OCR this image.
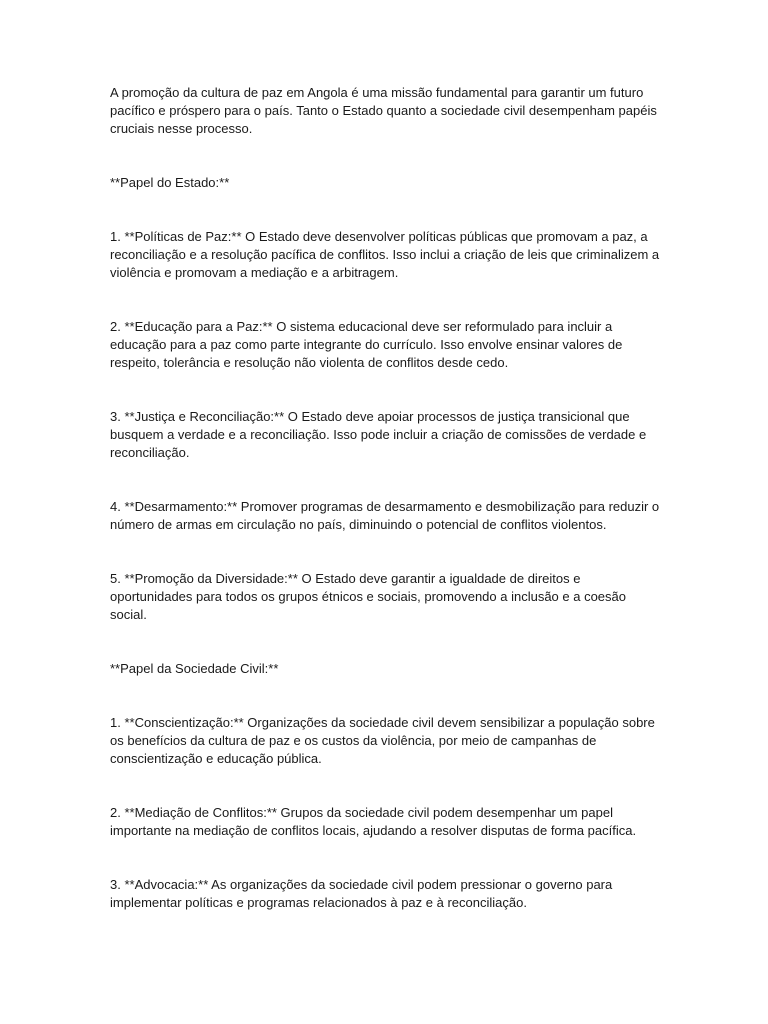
A promoção da cultura de paz em Angola é uma missão fundamental para garantir um futuro pacífico e próspero para o país. Tanto o Estado quanto a sociedade civil desempenham papéis cruciais nesse processo.

**Papel do Estado:**

1. **Políticas de Paz:** O Estado deve desenvolver políticas públicas que promovam a paz, a reconciliação e a resolução pacífica de conflitos. Isso inclui a criação de leis que criminalizem a violência e promovam a mediação e a arbitragem.

2. **Educação para a Paz:** O sistema educacional deve ser reformulado para incluir a educação para a paz como parte integrante do currículo. Isso envolve ensinar valores de respeito, tolerância e resolução não violenta de conflitos desde cedo.

3. **Justiça e Reconciliação:** O Estado deve apoiar processos de justiça transicional que busquem a verdade e a reconciliação. Isso pode incluir a criação de comissões de verdade e reconciliação.

4. **Desarmamento:** Promover programas de desarmamento e desmobilização para reduzir o número de armas em circulação no país, diminuindo o potencial de conflitos violentos.

5. **Promoção da Diversidade:** O Estado deve garantir a igualdade de direitos e oportunidades para todos os grupos étnicos e sociais, promovendo a inclusão e a coesão social.

**Papel da Sociedade Civil:**

1. **Conscientização:** Organizações da sociedade civil devem sensibilizar a população sobre os benefícios da cultura de paz e os custos da violência, por meio de campanhas de conscientização e educação pública.

2. **Mediação de Conflitos:** Grupos da sociedade civil podem desempenhar um papel importante na mediação de conflitos locais, ajudando a resolver disputas de forma pacífica.

3. **Advocacia:** As organizações da sociedade civil podem pressionar o governo para implementar políticas e programas relacionados à paz e à reconciliação.
